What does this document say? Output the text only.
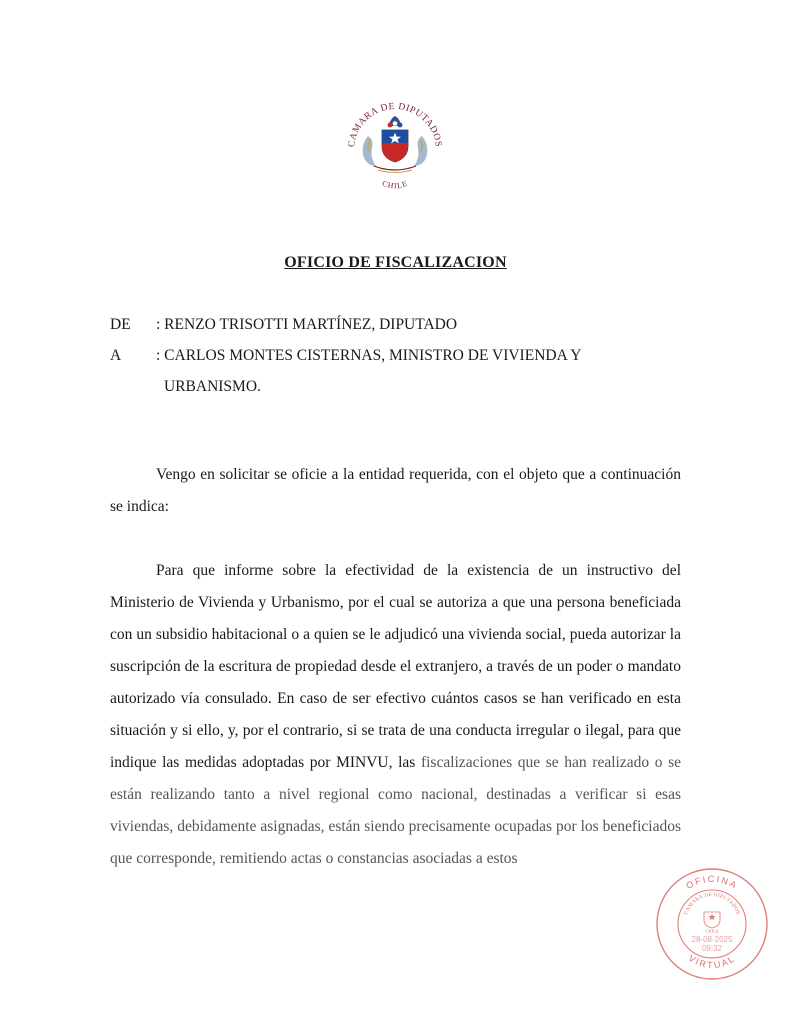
CAMARA DE DIPUTADOS
CHILE
OFICIO DE FISCALIZACION
DE	: RENZO TRISOTTI MARTÍNEZ, DIPUTADO
A	: CARLOS MONTES CISTERNAS, MINISTRO DE VIVIENDA Y
URBANISMO.

Vengo en solicitar se oficie a la entidad requerida, con el objeto que a continuación se indica:

Para que informe sobre la efectividad de la existencia de un instructivo del Ministerio de Vivienda y Urbanismo, por el cual se autoriza a que una persona beneficiada con un subsidio habitacional o a quien se le adjudicó una vivienda social, pueda autorizar la suscripción de la escritura de propiedad desde el extranjero, a través de un poder o mandato autorizado vía consulado. En caso de ser efectivo cuántos casos se han verificado en esta situación y si ello, y, por el contrario, si se trata de una conducta irregular o ilegal, para que indique las medidas adoptadas por MINVU, las fiscalizaciones que se han realizado o se están realizando tanto a nivel regional como nacional, destinadas a verificar si esas viviendas, debidamente asignadas, están siendo precisamente ocupadas por los beneficiados que corresponde, remitiendo actas o constancias asociadas a estos

OFICINA
CAMARA DE DIPUTADOS
CHILE
28-08-2025
09:32
VIRTUAL
